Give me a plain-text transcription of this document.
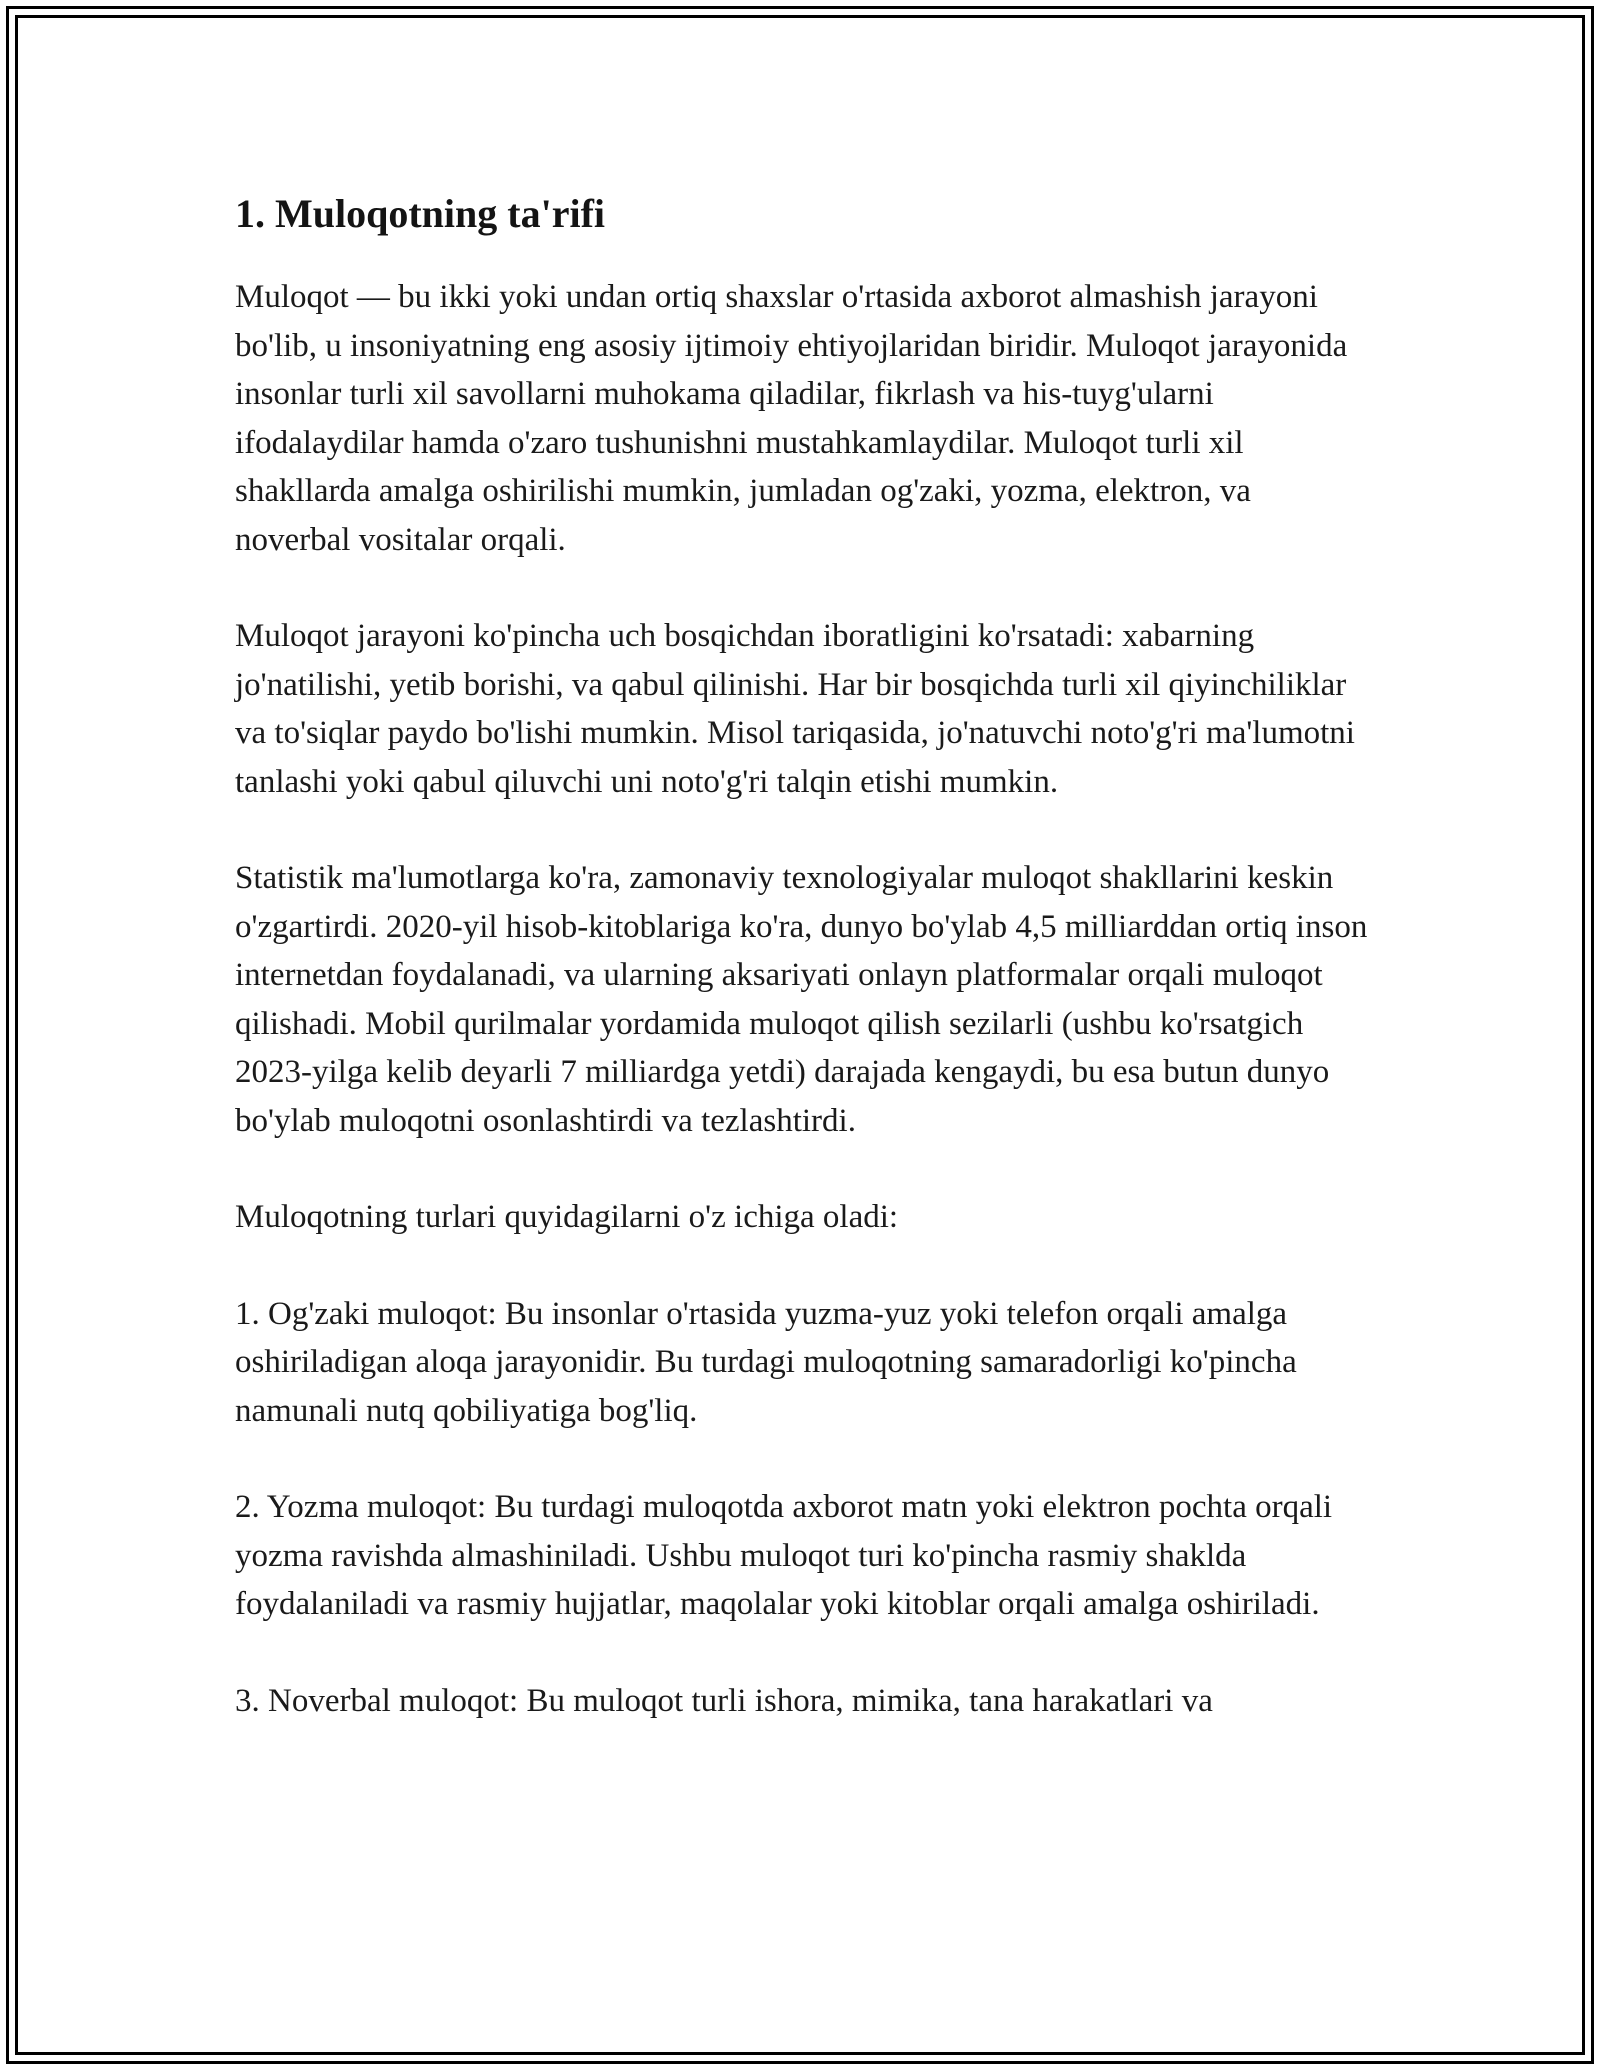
1. Muloqotning ta'rifi

Muloqot — bu ikki yoki undan ortiq shaxslar o'rtasida axborot almashish jarayoni bo'lib, u insoniyatning eng asosiy ijtimoiy ehtiyojlaridan biridir. Muloqot jarayonida insonlar turli xil savollarni muhokama qiladilar, fikrlash va his-tuyg'ularni ifodalaydilar hamda o'zaro tushunishni mustahkamlaydilar. Muloqot turli xil shakllarda amalga oshirilishi mumkin, jumladan og'zaki, yozma, elektron, va noverbal vositalar orqali.

Muloqot jarayoni ko'pincha uch bosqichdan iboratligini ko'rsatadi: xabarning jo'natilishi, yetib borishi, va qabul qilinishi. Har bir bosqichda turli xil qiyinchiliklar va to'siqlar paydo bo'lishi mumkin. Misol tariqasida, jo'natuvchi noto'g'ri ma'lumotni tanlashi yoki qabul qiluvchi uni noto'g'ri talqin etishi mumkin.

Statistik ma'lumotlarga ko'ra, zamonaviy texnologiyalar muloqot shakllarini keskin o'zgartirdi. 2020-yil hisob-kitoblariga ko'ra, dunyo bo'ylab 4,5 milliarddan ortiq inson internetdan foydalanadi, va ularning aksariyati onlayn platformalar orqali muloqot qilishadi. Mobil qurilmalar yordamida muloqot qilish sezilarli (ushbu ko'rsatgich 2023-yilga kelib deyarli 7 milliardga yetdi) darajada kengaydi, bu esa butun dunyo bo'ylab muloqotni osonlashtirdi va tezlashtirdi.

Muloqotning turlari quyidagilarni o'z ichiga oladi:

1. Og'zaki muloqot: Bu insonlar o'rtasida yuzma-yuz yoki telefon orqali amalga oshiriladigan aloqa jarayonidir. Bu turdagi muloqotning samaradorligi ko'pincha namunali nutq qobiliyatiga bog'liq.

2. Yozma muloqot: Bu turdagi muloqotda axborot matn yoki elektron pochta orqali yozma ravishda almashiniladi. Ushbu muloqot turi ko'pincha rasmiy shaklda foydalaniladi va rasmiy hujjatlar, maqolalar yoki kitoblar orqali amalga oshiriladi.

3. Noverbal muloqot: Bu muloqot turli ishora, mimika, tana harakatlari va
